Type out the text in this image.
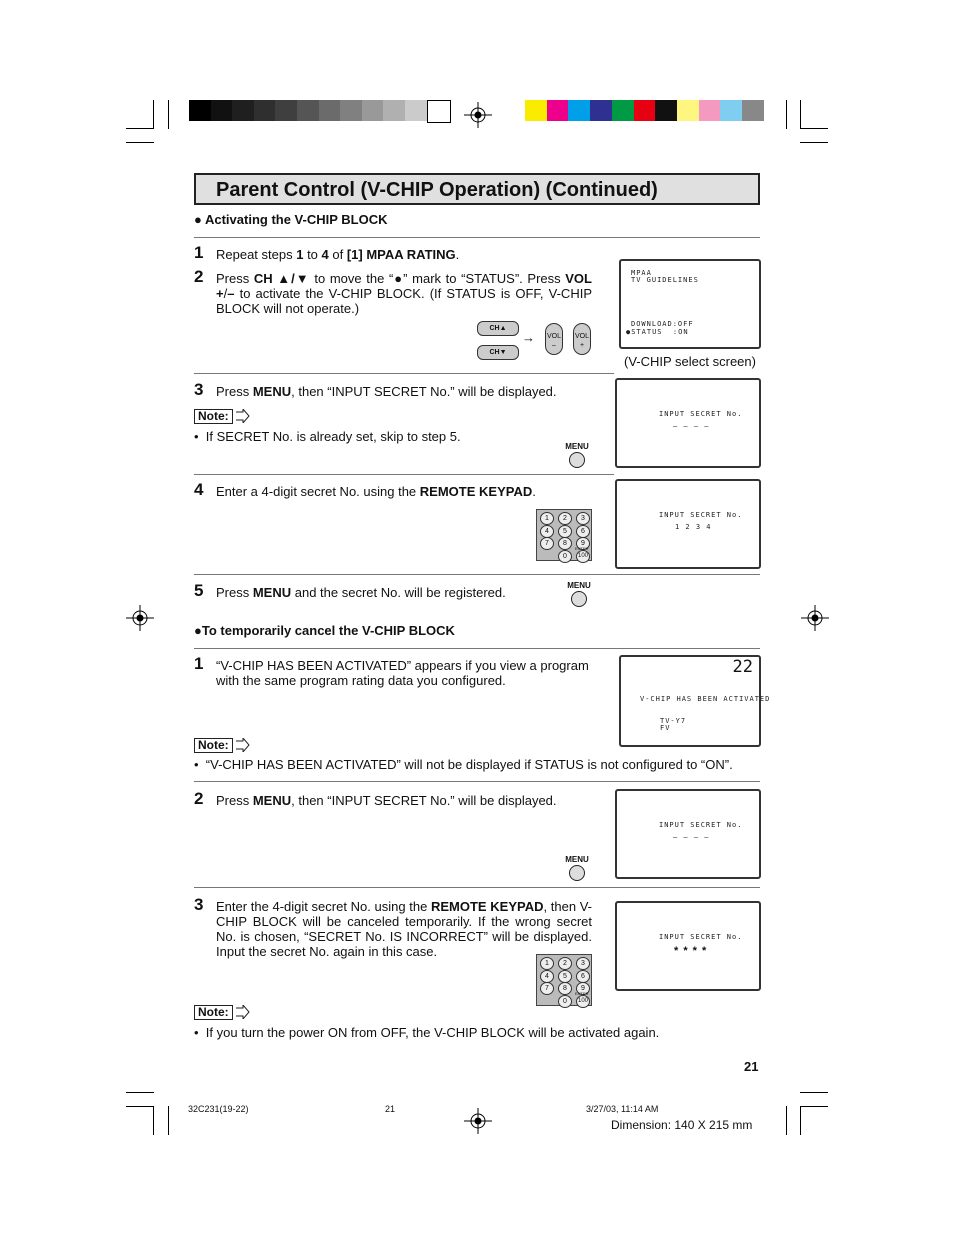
Parent Control (V-CHIP Operation) (Continued)
● Activating the V-CHIP BLOCK
1 Repeat steps 1 to 4 of [1] MPAA RATING.
2 Press CH ▲/▼ to move the “●” mark to “STATUS”. Press VOL +/– to activate the V-CHIP BLOCK. (If STATUS is OFF, V-CHIP BLOCK will not operate.)
CH▲
CH▼
→ VOL –
VOL +
MPAA
TV GUIDELINES
DOWNLOAD:OFF
●STATUS  :ON
(V-CHIP select screen)
3 Press MENU, then “INPUT SECRET No.” will be displayed.
Note:
•  If SECRET No. is already set, skip to step 5.
MENU
INPUT SECRET No.
– – – –
4 Enter a 4-digit secret No. using the REMOTE KEYPAD.
1	2	3
4	5	6
7	8	9
0	100
ENTER
INPUT SECRET No.
1 2 3 4
5 Press MENU and the secret No. will be registered.	MENU
●To temporarily cancel the V-CHIP BLOCK
1 “V-CHIP HAS BEEN ACTIVATED” appears if you view a program with the same program rating data you configured.
22
V-CHIP HAS BEEN ACTIVATED
TV-Y7
FV
Note:
•  “V-CHIP HAS BEEN ACTIVATED” will not be displayed if STATUS is not configured to “ON”.
2 Press MENU, then “INPUT SECRET No.” will be displayed.
MENU
INPUT SECRET No.
– – – –
3 Enter the 4-digit secret No. using the REMOTE KEYPAD, then V-CHIP BLOCK will be canceled temporarily. If the wrong secret No. is chosen, “SECRET No. IS INCORRECT” will be displayed. Input the secret No. again in this case.
1	2	3
4	5	6
7	8	9
0	100
ENTER
INPUT SECRET No.
* * * *
Note:
•  If you turn the power ON from OFF, the V-CHIP BLOCK will be activated again.
21
32C231(19-22)	21	3/27/03, 11:14 AM
Dimension: 140 X 215 mm
